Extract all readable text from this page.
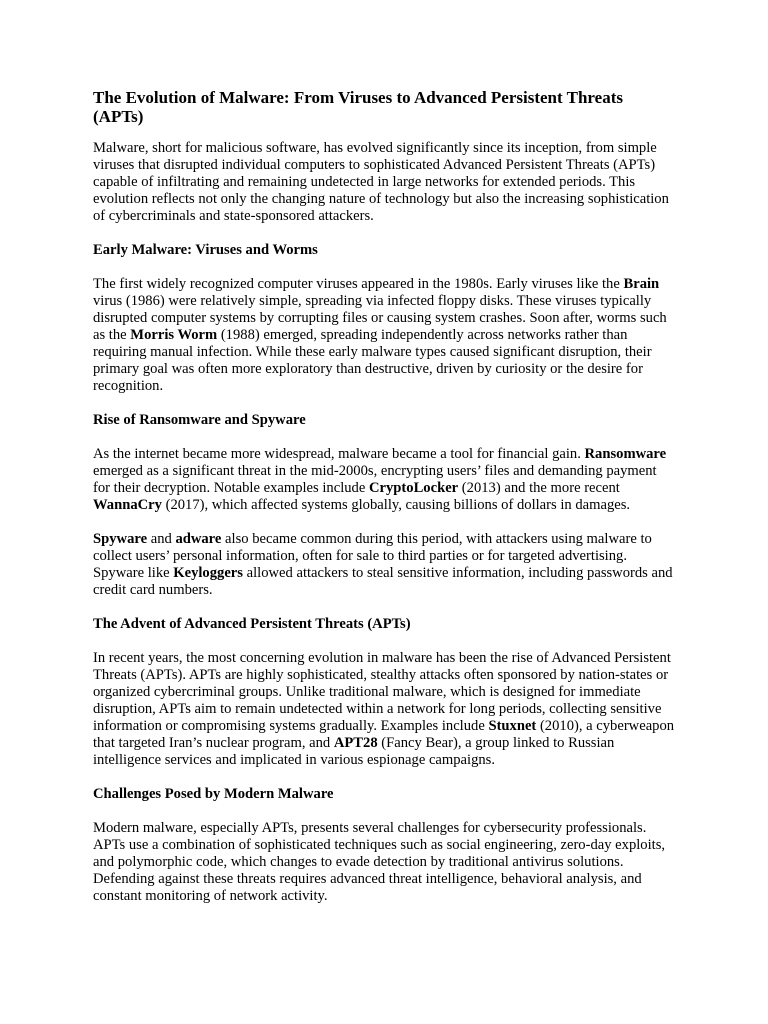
The Evolution of Malware: From Viruses to Advanced Persistent Threats (APTs)

Malware, short for malicious software, has evolved significantly since its inception, from simple viruses that disrupted individual computers to sophisticated Advanced Persistent Threats (APTs) capable of infiltrating and remaining undetected in large networks for extended periods. This evolution reflects not only the changing nature of technology but also the increasing sophistication of cybercriminals and state-sponsored attackers.

Early Malware: Viruses and Worms

The first widely recognized computer viruses appeared in the 1980s. Early viruses like the Brain virus (1986) were relatively simple, spreading via infected floppy disks. These viruses typically disrupted computer systems by corrupting files or causing system crashes. Soon after, worms such as the Morris Worm (1988) emerged, spreading independently across networks rather than requiring manual infection. While these early malware types caused significant disruption, their primary goal was often more exploratory than destructive, driven by curiosity or the desire for recognition.

Rise of Ransomware and Spyware

As the internet became more widespread, malware became a tool for financial gain. Ransomware emerged as a significant threat in the mid-2000s, encrypting users’ files and demanding payment for their decryption. Notable examples include CryptoLocker (2013) and the more recent WannaCry (2017), which affected systems globally, causing billions of dollars in damages.

Spyware and adware also became common during this period, with attackers using malware to collect users’ personal information, often for sale to third parties or for targeted advertising. Spyware like Keyloggers allowed attackers to steal sensitive information, including passwords and credit card numbers.

The Advent of Advanced Persistent Threats (APTs)

In recent years, the most concerning evolution in malware has been the rise of Advanced Persistent Threats (APTs). APTs are highly sophisticated, stealthy attacks often sponsored by nation-states or organized cybercriminal groups. Unlike traditional malware, which is designed for immediate disruption, APTs aim to remain undetected within a network for long periods, collecting sensitive information or compromising systems gradually. Examples include Stuxnet (2010), a cyberweapon that targeted Iran’s nuclear program, and APT28 (Fancy Bear), a group linked to Russian intelligence services and implicated in various espionage campaigns.

Challenges Posed by Modern Malware

Modern malware, especially APTs, presents several challenges for cybersecurity professionals. APTs use a combination of sophisticated techniques such as social engineering, zero-day exploits, and polymorphic code, which changes to evade detection by traditional antivirus solutions. Defending against these threats requires advanced threat intelligence, behavioral analysis, and constant monitoring of network activity.
